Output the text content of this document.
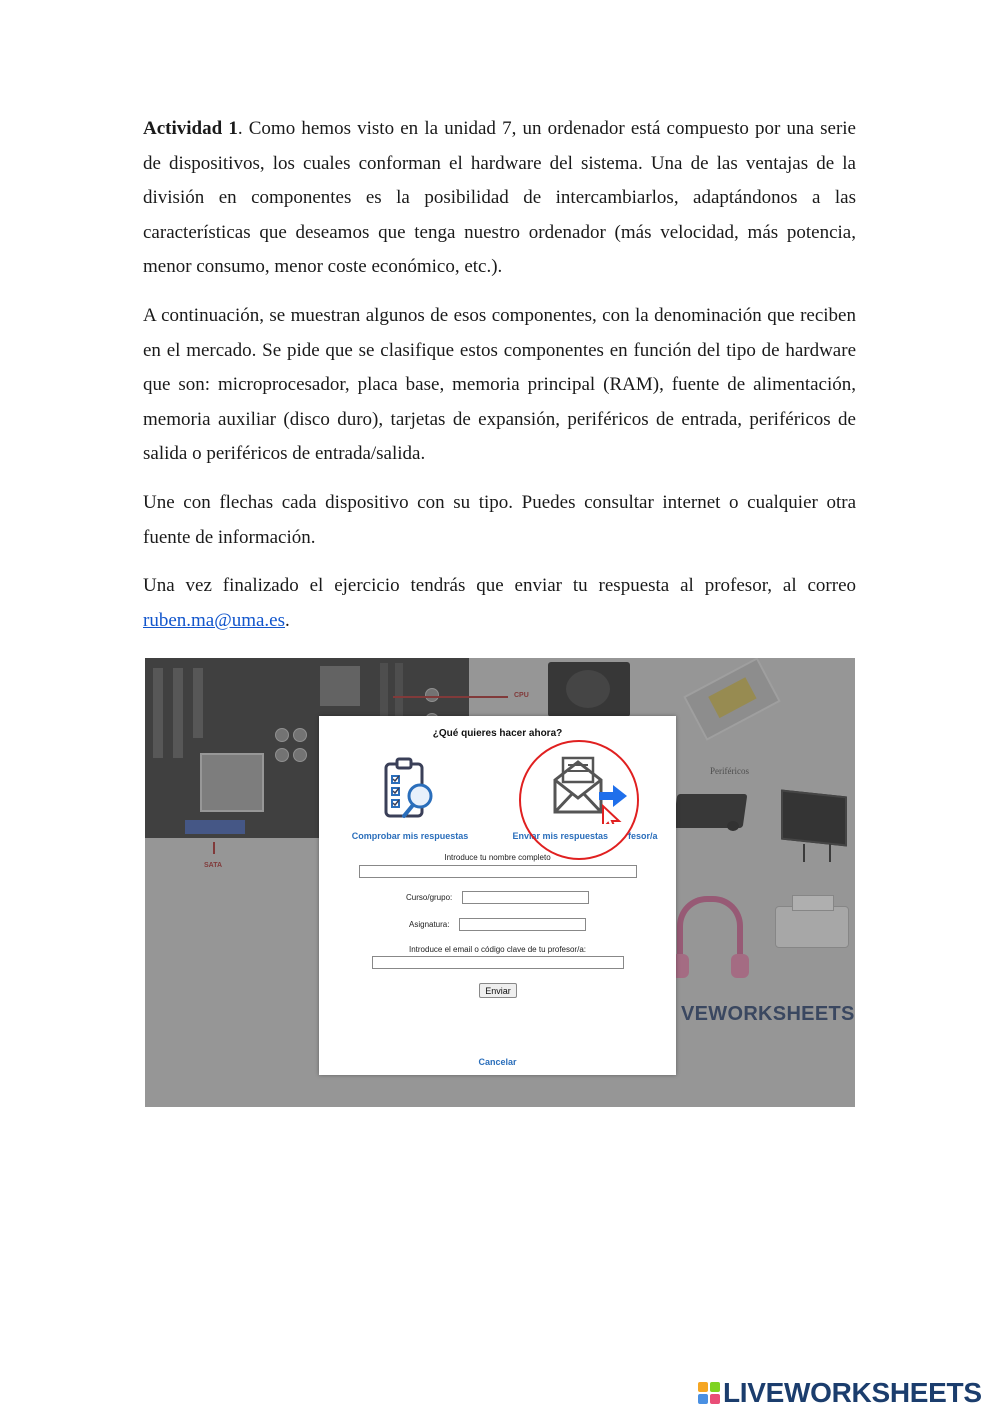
Actividad 1. Como hemos visto en la unidad 7, un ordenador está compuesto por una serie de dispositivos, los cuales conforman el hardware del sistema. Una de las ventajas de la división en componentes es la posibilidad de intercambiarlos, adaptándonos a las características que deseamos que tenga nuestro ordenador (más velocidad, más potencia, menor consumo, menor coste económico, etc.).

A continuación, se muestran algunos de esos componentes, con la denominación que reciben en el mercado. Se pide que se clasifique estos componentes en función del tipo de hardware que son: microprocesador, placa base, memoria principal (RAM), fuente de alimentación, memoria auxiliar (disco duro), tarjetas de expansión, periféricos de entrada, periféricos de salida o periféricos de entrada/salida.

Une con flechas cada dispositivo con su tipo. Puedes consultar internet o cualquier otra fuente de información.

Una vez finalizado el ejercicio tendrás que enviar tu respuesta al profesor, al correo ruben.ma@uma.es.

CPU
SATA
Periféricos
VEWORKSHEETS
¿Qué quieres hacer ahora?
Comprobar mis respuestas	Enviar mis respuestas fesor/a
Introduce tu nombre completo
Curso/grupo:
Asignatura:
Introduce el email o código clave de tu profesor/a:
Enviar
Cancelar
LIVEWORKSHEETS
